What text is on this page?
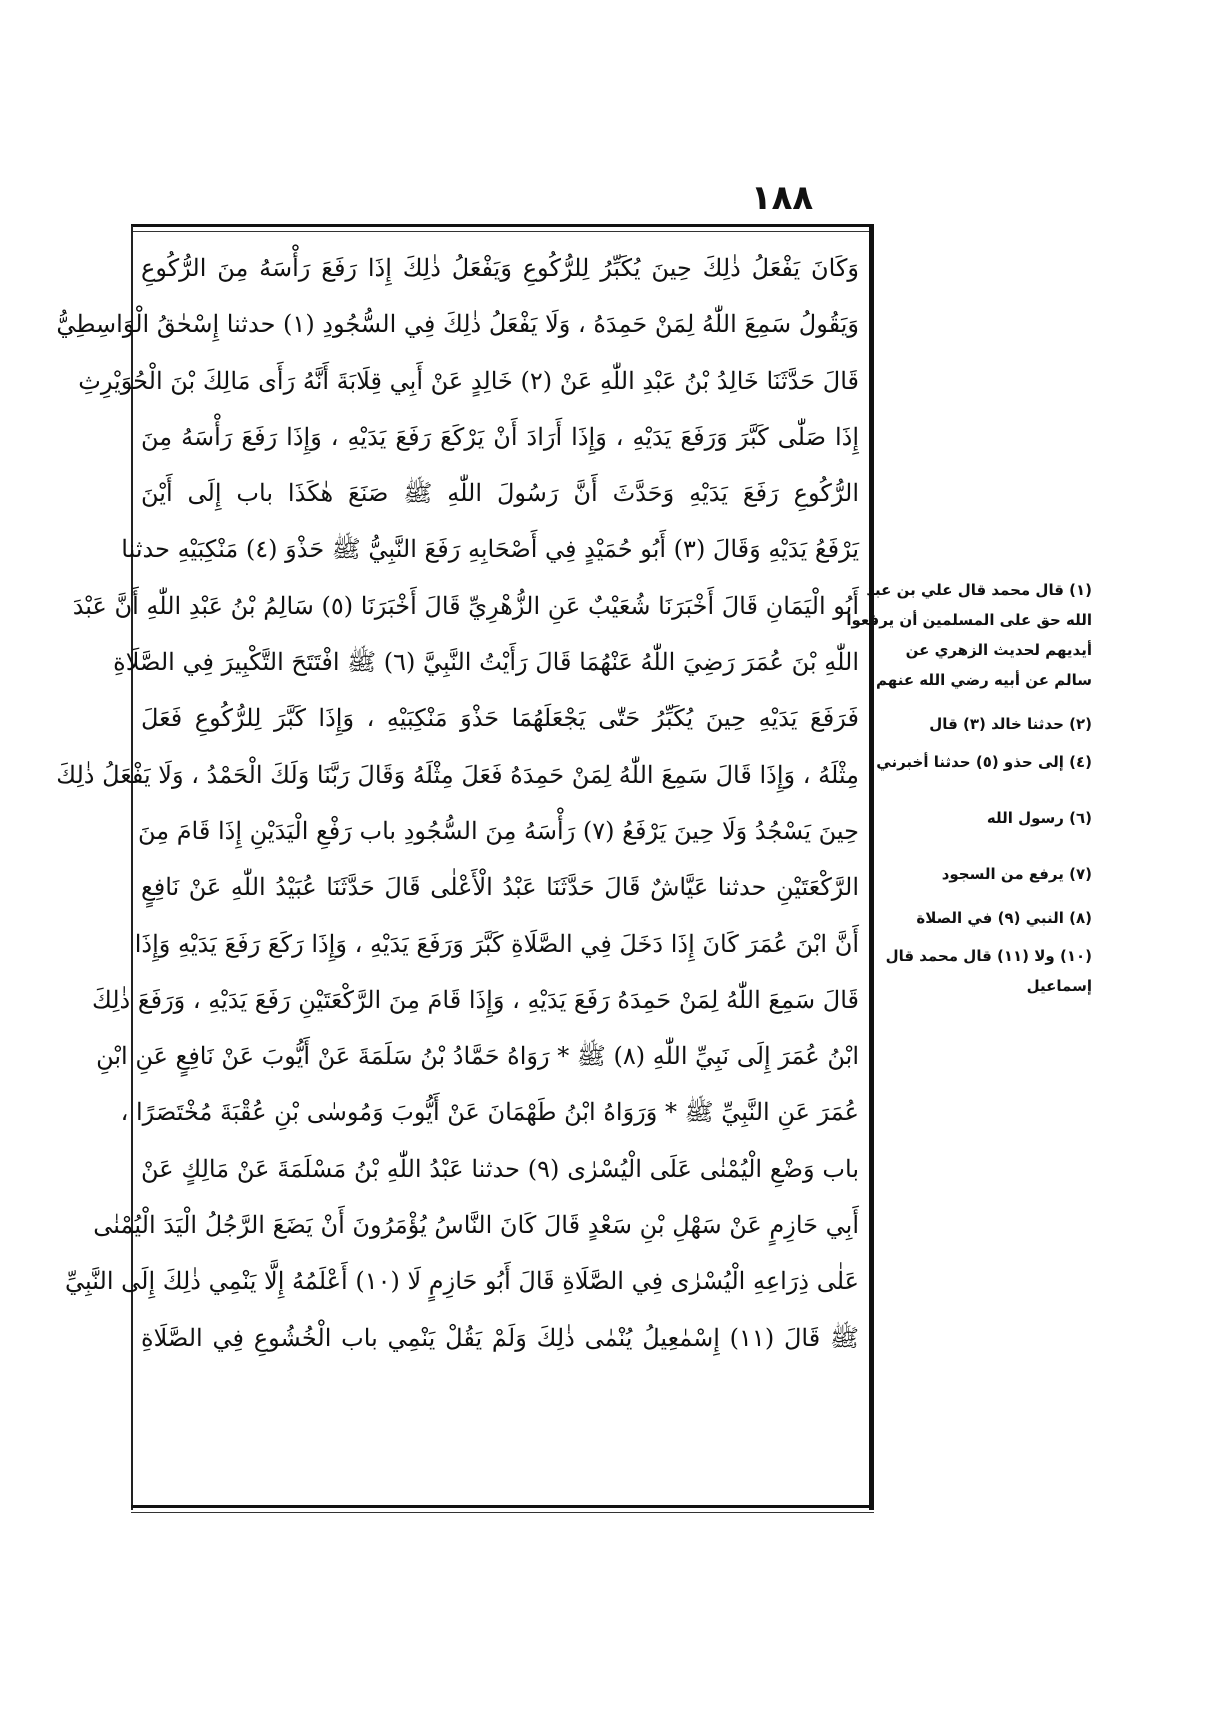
١٨٨
وَكَانَ يَفْعَلُ ذٰلِكَ حِينَ يُكَبِّرُ لِلرُّكُوعِ وَيَفْعَلُ ذٰلِكَ إِذَا رَفَعَ رَأْسَهُ مِنَ الرُّكُوعِ
وَيَقُولُ سَمِعَ اللّٰهُ لِمَنْ حَمِدَهُ ، وَلَا يَفْعَلُ ذٰلِكَ فِي السُّجُودِ (١) حدثنا إِسْحٰقُ الْوَاسِطِيُّ
قَالَ حَدَّثَنَا خَالِدُ بْنُ عَبْدِ اللّٰهِ عَنْ (٢) خَالِدٍ عَنْ أَبِي قِلَابَةَ أَنَّهُ رَأَى مَالِكَ بْنَ الْحُوَيْرِثِ
إِذَا صَلّٰى كَبَّرَ وَرَفَعَ يَدَيْهِ ، وَإِذَا أَرَادَ أَنْ يَرْكَعَ رَفَعَ يَدَيْهِ ، وَإِذَا رَفَعَ رَأْسَهُ مِنَ
الرُّكُوعِ رَفَعَ يَدَيْهِ وَحَدَّثَ أَنَّ رَسُولَ اللّٰهِ ﷺ صَنَعَ هٰكَذَا باب إِلَى أَيْنَ
يَرْفَعُ يَدَيْهِ وَقَالَ (٣) أَبُو حُمَيْدٍ فِي أَصْحَابِهِ رَفَعَ النَّبِيُّ ﷺ حَذْوَ (٤) مَنْكِبَيْهِ حدثنا
أَبُو الْيَمَانِ قَالَ أَخْبَرَنَا شُعَيْبٌ عَنِ الزُّهْرِيِّ قَالَ أَخْبَرَنَا (٥) سَالِمُ بْنُ عَبْدِ اللّٰهِ أَنَّ عَبْدَ
اللّٰهِ بْنَ عُمَرَ رَضِيَ اللّٰهُ عَنْهُمَا قَالَ رَأَيْتُ النَّبِيَّ (٦) ﷺ افْتَتَحَ التَّكْبِيرَ فِي الصَّلَاةِ
فَرَفَعَ يَدَيْهِ حِينَ يُكَبِّرُ حَتّٰى يَجْعَلَهُمَا حَذْوَ مَنْكِبَيْهِ ، وَإِذَا كَبَّرَ لِلرُّكُوعِ فَعَلَ
مِثْلَهُ ، وَإِذَا قَالَ سَمِعَ اللّٰهُ لِمَنْ حَمِدَهُ فَعَلَ مِثْلَهُ وَقَالَ رَبَّنَا وَلَكَ الْحَمْدُ ، وَلَا يَفْعَلُ ذٰلِكَ
حِينَ يَسْجُدُ وَلَا حِينَ يَرْفَعُ (٧) رَأْسَهُ مِنَ السُّجُودِ باب رَفْعِ الْيَدَيْنِ إِذَا قَامَ مِنَ
الرَّكْعَتَيْنِ حدثنا عَيَّاشٌ قَالَ حَدَّثَنَا عَبْدُ الْأَعْلٰى قَالَ حَدَّثَنَا عُبَيْدُ اللّٰهِ عَنْ نَافِعٍ
أَنَّ ابْنَ عُمَرَ كَانَ إِذَا دَخَلَ فِي الصَّلَاةِ كَبَّرَ وَرَفَعَ يَدَيْهِ ، وَإِذَا رَكَعَ رَفَعَ يَدَيْهِ وَإِذَا
قَالَ سَمِعَ اللّٰهُ لِمَنْ حَمِدَهُ رَفَعَ يَدَيْهِ ، وَإِذَا قَامَ مِنَ الرَّكْعَتَيْنِ رَفَعَ يَدَيْهِ ، وَرَفَعَ ذٰلِكَ
ابْنُ عُمَرَ إِلَى نَبِيِّ اللّٰهِ (٨) ﷺ * رَوَاهُ حَمَّادُ بْنُ سَلَمَةَ عَنْ أَيُّوبَ عَنْ نَافِعٍ عَنِ ابْنِ
عُمَرَ عَنِ النَّبِيِّ ﷺ * وَرَوَاهُ ابْنُ طَهْمَانَ عَنْ أَيُّوبَ وَمُوسٰى بْنِ عُقْبَةَ مُخْتَصَرًا ،
باب وَضْعِ الْيُمْنٰى عَلَى الْيُسْرٰى (٩) حدثنا عَبْدُ اللّٰهِ بْنُ مَسْلَمَةَ عَنْ مَالِكٍ عَنْ
أَبِي حَازِمٍ عَنْ سَهْلِ بْنِ سَعْدٍ قَالَ كَانَ النَّاسُ يُؤْمَرُونَ أَنْ يَضَعَ الرَّجُلُ الْيَدَ الْيُمْنٰى
عَلٰى ذِرَاعِهِ الْيُسْرٰى فِي الصَّلَاةِ قَالَ أَبُو حَازِمٍ لَا (١٠) أَعْلَمُهُ إِلَّا يَنْمِي ذٰلِكَ إِلَى النَّبِيِّ
ﷺ قَالَ (١١) إِسْمٰعِيلُ يُنْمٰى ذٰلِكَ وَلَمْ يَقُلْ يَنْمِي باب الْخُشُوعِ فِي الصَّلَاةِ
(١) قال محمد قال علي بن عبد
الله حق على المسلمين أن يرفعوا
أيديهم لحديث الزهري عن
سالم عن أبيه رضي الله عنهم
(٢) حدثنا خالد (٣) قال
(٤) إلى حذو (٥) حدثنا أخبرني
(٦) رسول الله
(٧) يرفع من السجود
(٨) النبي (٩) في الصلاة
(١٠) ولا (١١) قال محمد قال
إسماعيل
